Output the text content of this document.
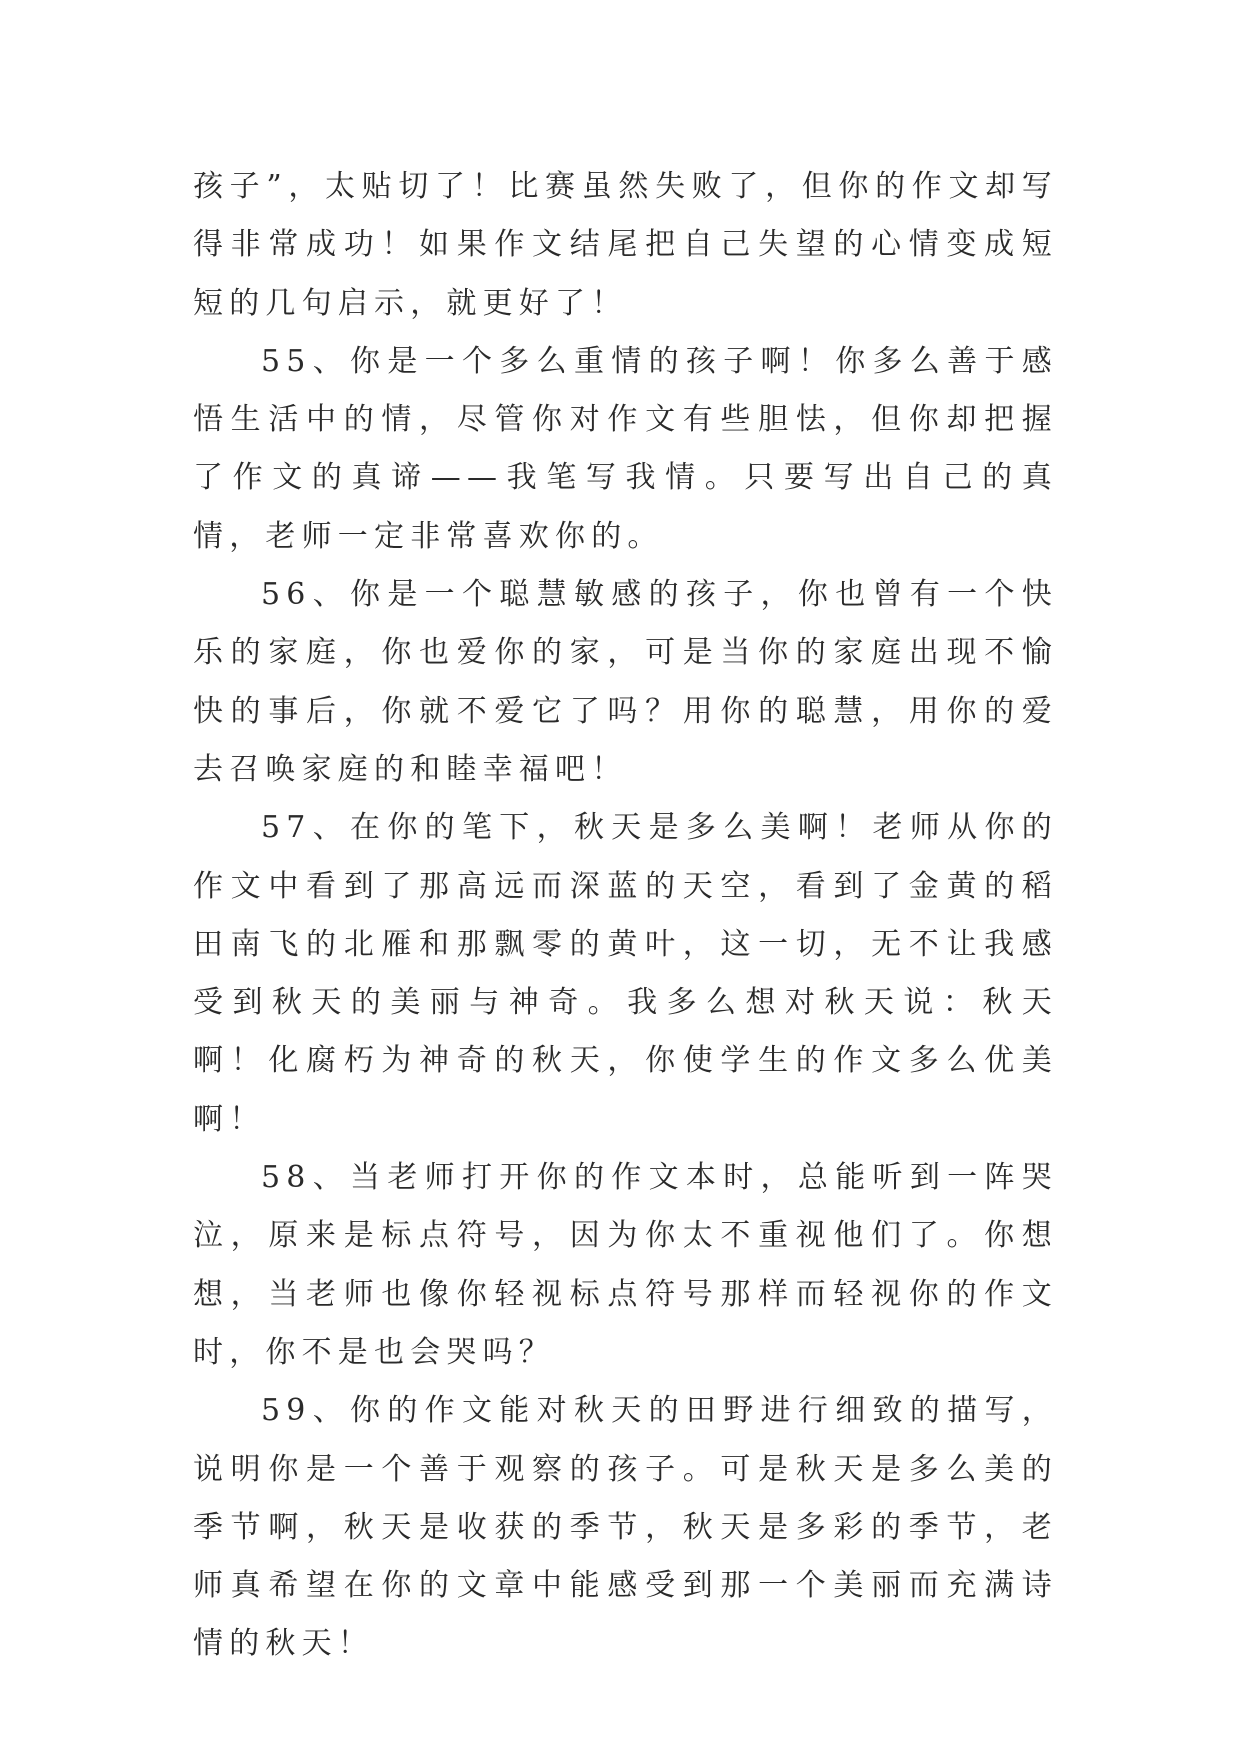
孩子”，太贴切了！比赛虽然失败了，但你的作文却写得非常成功！如果作文结尾把自己失望的心情变成短短的几句启示，就更好了！

55、你是一个多么重情的孩子啊！你多么善于感悟生活中的情，尽管你对作文有些胆怯，但你却把握了作文的真谛——我笔写我情。只要写出自己的真情，老师一定非常喜欢你的。

56、你是一个聪慧敏感的孩子，你也曾有一个快乐的家庭，你也爱你的家，可是当你的家庭出现不愉快的事后，你就不爱它了吗？用你的聪慧，用你的爱去召唤家庭的和睦幸福吧！

57、在你的笔下，秋天是多么美啊！老师从你的作文中看到了那高远而深蓝的天空，看到了金黄的稻田南飞的北雁和那飘零的黄叶，这一切，无不让我感受到秋天的美丽与神奇。我多么想对秋天说：秋天啊！化腐朽为神奇的秋天，你使学生的作文多么优美啊！

58、当老师打开你的作文本时，总能听到一阵哭泣，原来是标点符号，因为你太不重视他们了。你想想，当老师也像你轻视标点符号那样而轻视你的作文时，你不是也会哭吗？

59、你的作文能对秋天的田野进行细致的描写，说明你是一个善于观察的孩子。可是秋天是多么美的季节啊，秋天是收获的季节，秋天是多彩的季节，老师真希望在你的文章中能感受到那一个美丽而充满诗情的秋天！
